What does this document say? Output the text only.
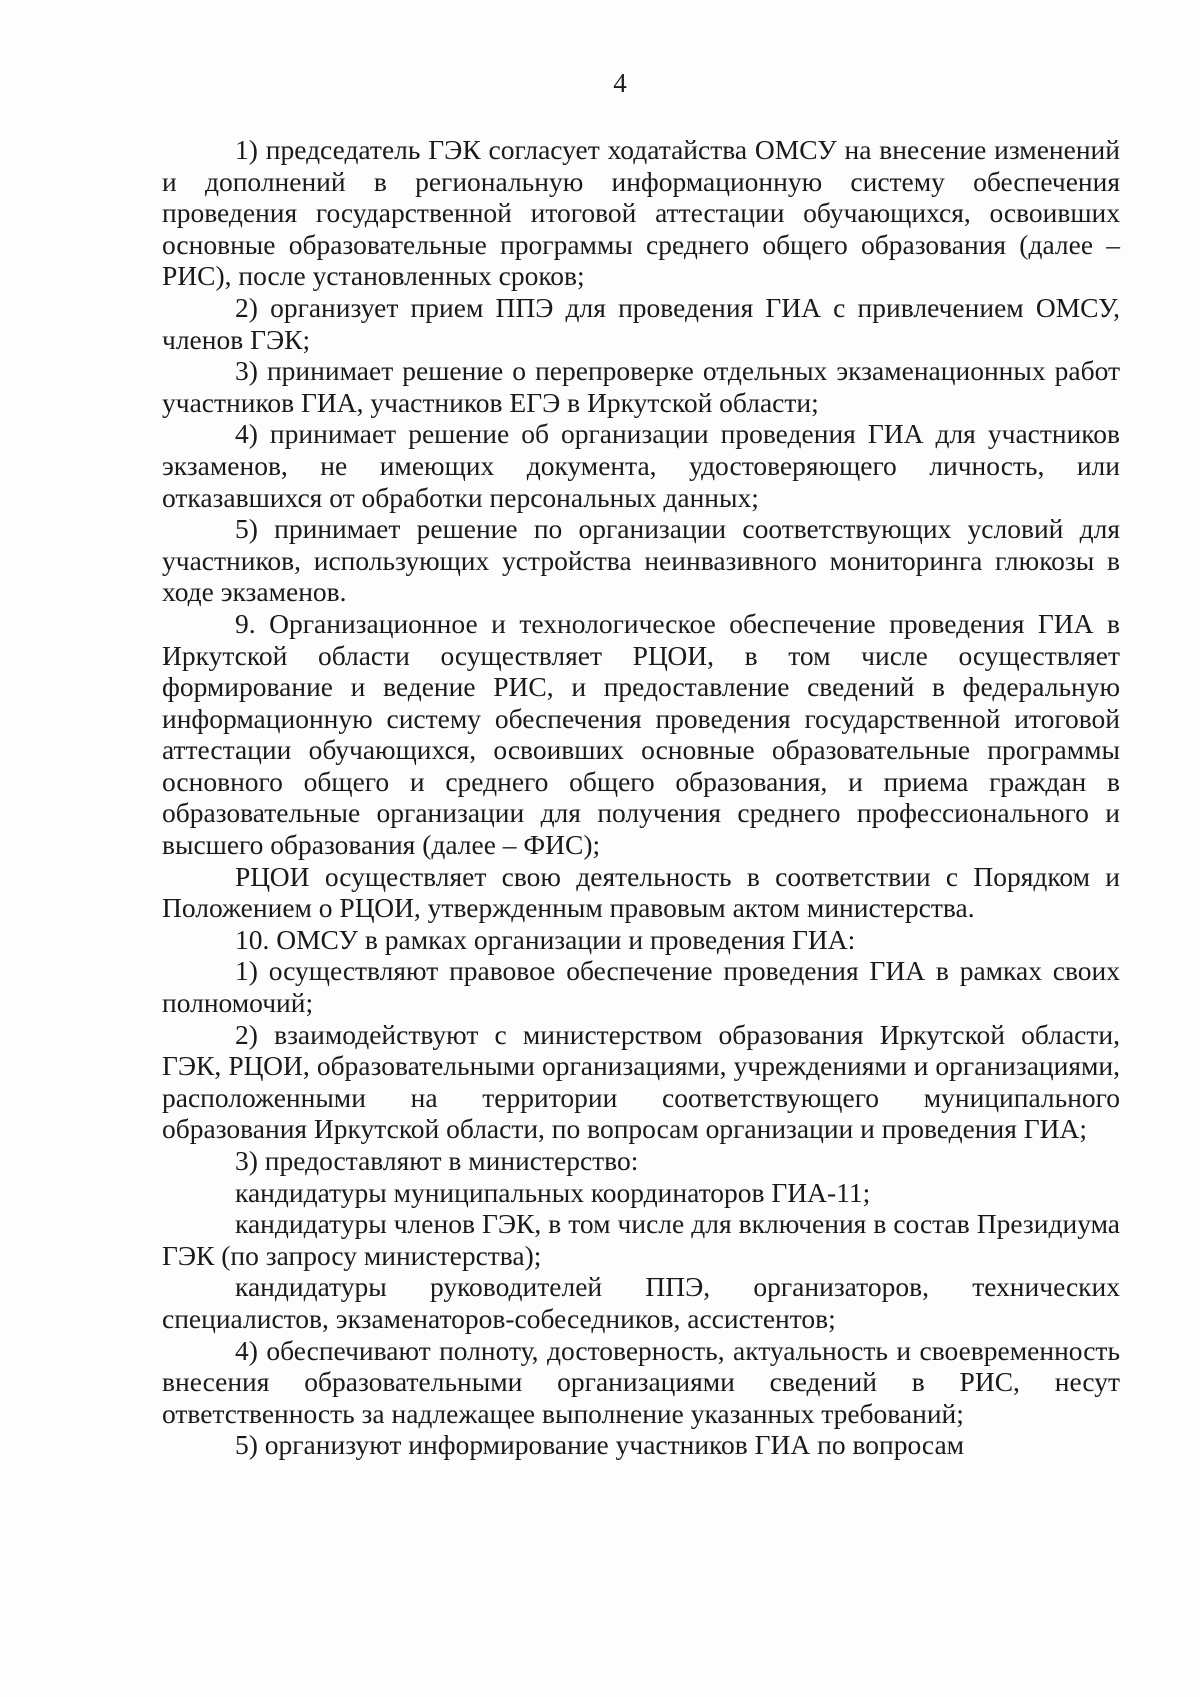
4

1) председатель ГЭК согласует ходатайства ОМСУ на внесение изменений и дополнений в региональную информационную систему обеспечения проведения государственной итоговой аттестации обучающихся, освоивших основные образовательные программы среднего общего образования (далее – РИС), после установленных сроков;

2) организует прием ППЭ для проведения ГИА с привлечением ОМСУ, членов ГЭК;

3) принимает решение о перепроверке отдельных экзаменационных работ участников ГИА, участников ЕГЭ в Иркутской области;

4) принимает решение об организации проведения ГИА для участников экзаменов, не имеющих документа, удостоверяющего личность, или отказавшихся от обработки персональных данных;

5) принимает решение по организации соответствующих условий для участников, использующих устройства неинвазивного мониторинга глюкозы в ходе экзаменов.

9. Организационное и технологическое обеспечение проведения ГИА в Иркутской области осуществляет РЦОИ, в том числе осуществляет формирование и ведение РИС, и предоставление сведений в федеральную информационную систему обеспечения проведения государственной итоговой аттестации обучающихся, освоивших основные образовательные программы основного общего и среднего общего образования, и приема граждан в образовательные организации для получения среднего профессионального и высшего образования (далее – ФИС);

РЦОИ осуществляет свою деятельность в соответствии с Порядком и Положением о РЦОИ, утвержденным правовым актом министерства.

10. ОМСУ в рамках организации и проведения ГИА:

1) осуществляют правовое обеспечение проведения ГИА в рамках своих полномочий;

2) взаимодействуют с министерством образования Иркутской области, ГЭК, РЦОИ, образовательными организациями, учреждениями и организациями, расположенными на территории соответствующего муниципального образования Иркутской области, по вопросам организации и проведения ГИА;

3) предоставляют в министерство:

кандидатуры муниципальных координаторов ГИА-11;

кандидатуры членов ГЭК, в том числе для включения в состав Президиума ГЭК (по запросу министерства);

кандидатуры руководителей ППЭ, организаторов, технических специалистов, экзаменаторов-собеседников, ассистентов;

4) обеспечивают полноту, достоверность, актуальность и своевременность внесения образовательными организациями сведений в РИС, несут ответственность за надлежащее выполнение указанных требований;

5) организуют информирование участников ГИА по вопросам
